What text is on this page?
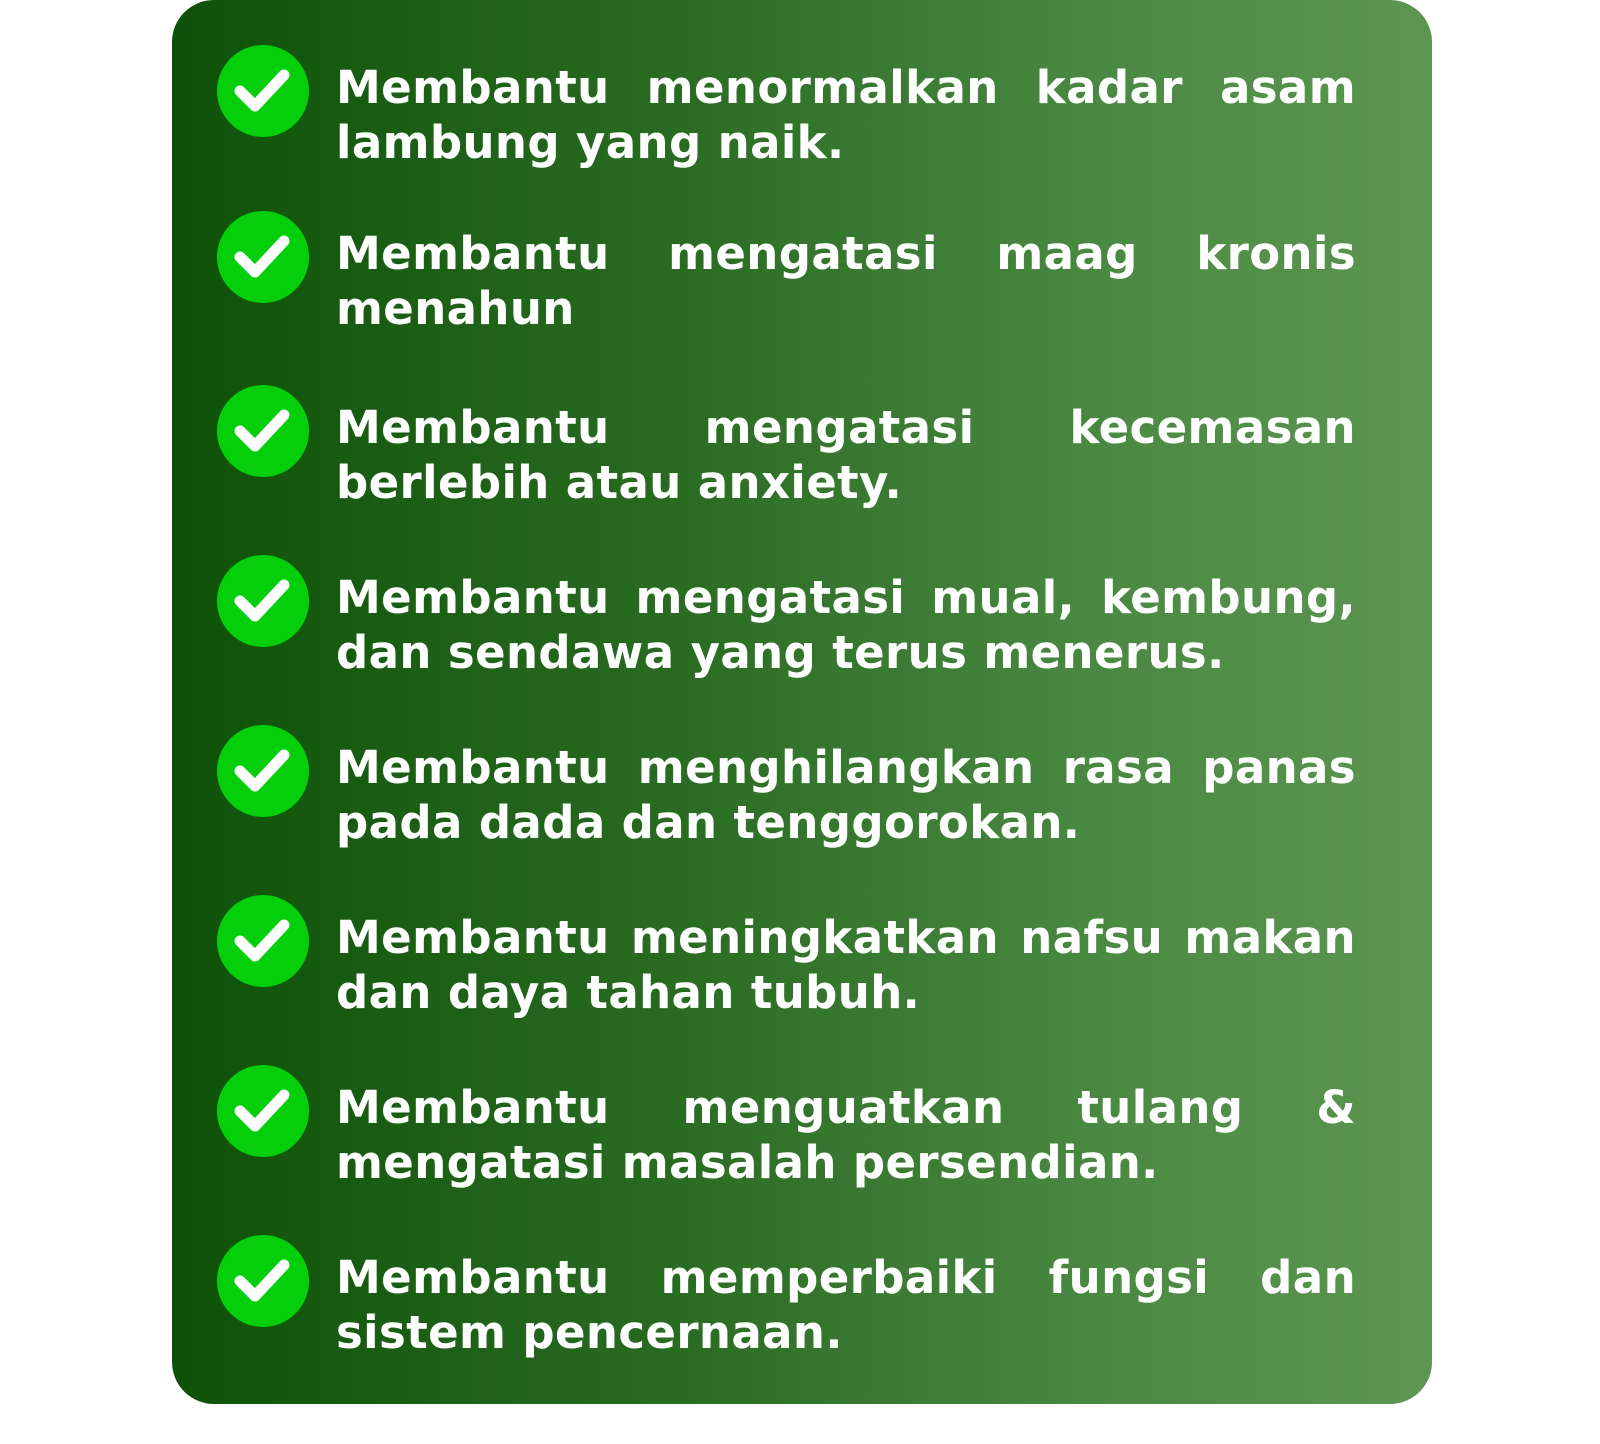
Membantu menormalkan kadar asam lambung yang naik.

Membantu mengatasi maag kronis menahun

Membantu mengatasi kecemasan berlebih atau anxiety.

Membantu mengatasi mual, kembung, dan sendawa yang terus menerus.

Membantu menghilangkan rasa panas pada dada dan tenggorokan.

Membantu meningkatkan nafsu makan dan daya tahan tubuh.

Membantu menguatkan tulang & mengatasi masalah persendian.

Membantu memperbaiki fungsi dan sistem pencernaan.
